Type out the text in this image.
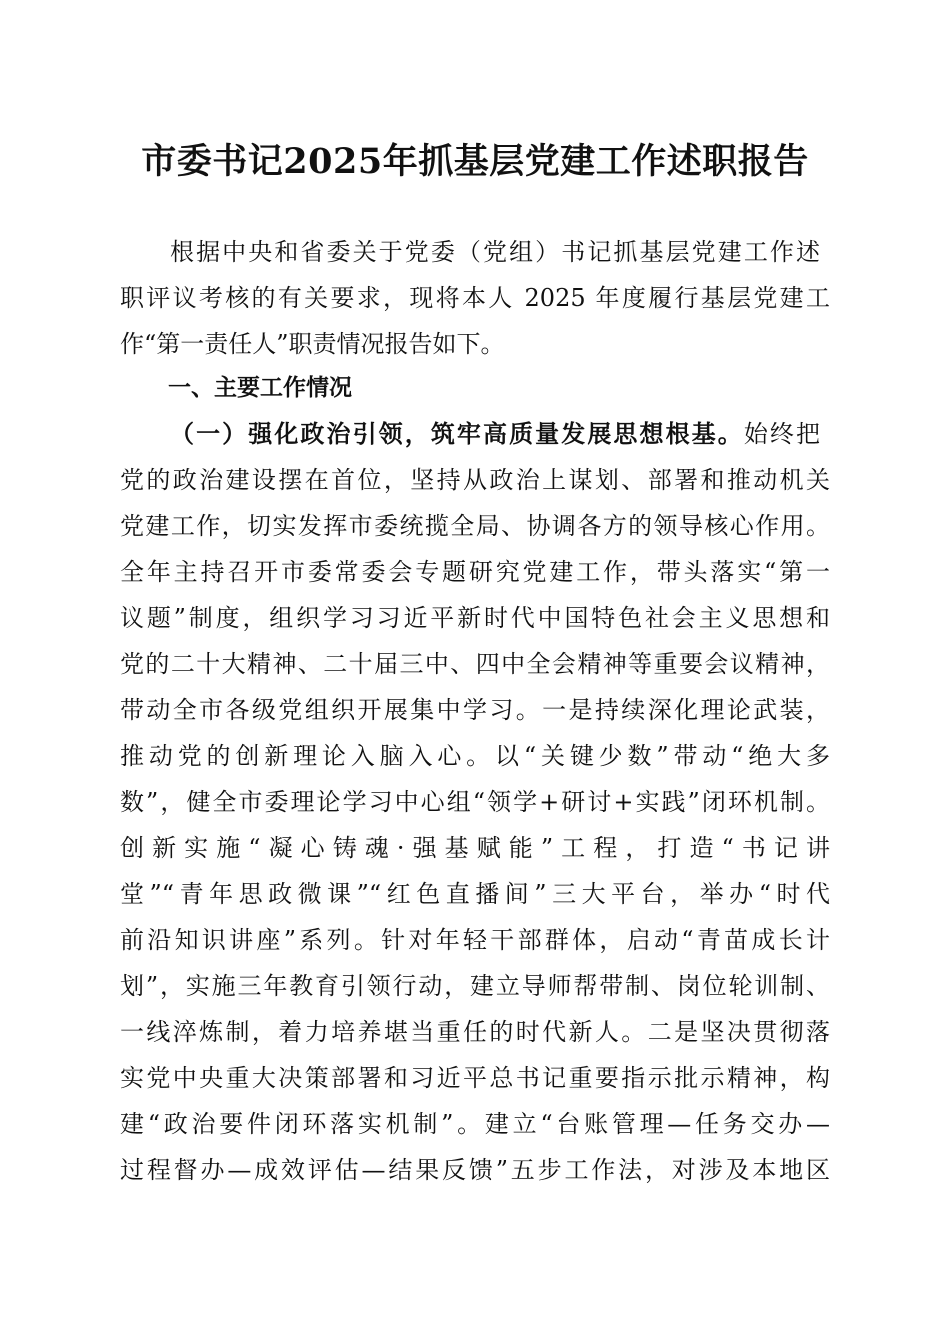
市委书记2025年抓基层党建工作述职报告
根据中央和省委关于党委（党组）书记抓基层党建工作述
职评议考核的有关要求，现将本人 2025 年度履行基层党建工
作“第一责任人”职责情况报告如下。
一、主要工作情况
（一）强化政治引领，筑牢高质量发展思想根基。始终把
党的政治建设摆在首位，坚持从政治上谋划、部署和推动机关
党建工作，切实发挥市委统揽全局、协调各方的领导核心作用。
全年主持召开市委常委会专题研究党建工作，带头落实“第一
议题”制度，组织学习习近平新时代中国特色社会主义思想和
党的二十大精神、二十届三中、四中全会精神等重要会议精神，
带动全市各级党组织开展集中学习。一是持续深化理论武装，
推动党的创新理论入脑入心。以“关键少数”带动“绝大多
数”，健全市委理论学习中心组“领学+研讨+实践”闭环机制。
创新实施“凝心铸魂·强基赋能”工程，打造“书记讲
堂”“青年思政微课”“红色直播间”三大平台，举办“时代
前沿知识讲座”系列。针对年轻干部群体，启动“青苗成长计
划”，实施三年教育引领行动，建立导师帮带制、岗位轮训制、
一线淬炼制，着力培养堪当重任的时代新人。二是坚决贯彻落
实党中央重大决策部署和习近平总书记重要指示批示精神，构
建“政治要件闭环落实机制”。建立“台账管理—任务交办—
过程督办—成效评估—结果反馈”五步工作法，对涉及本地区
